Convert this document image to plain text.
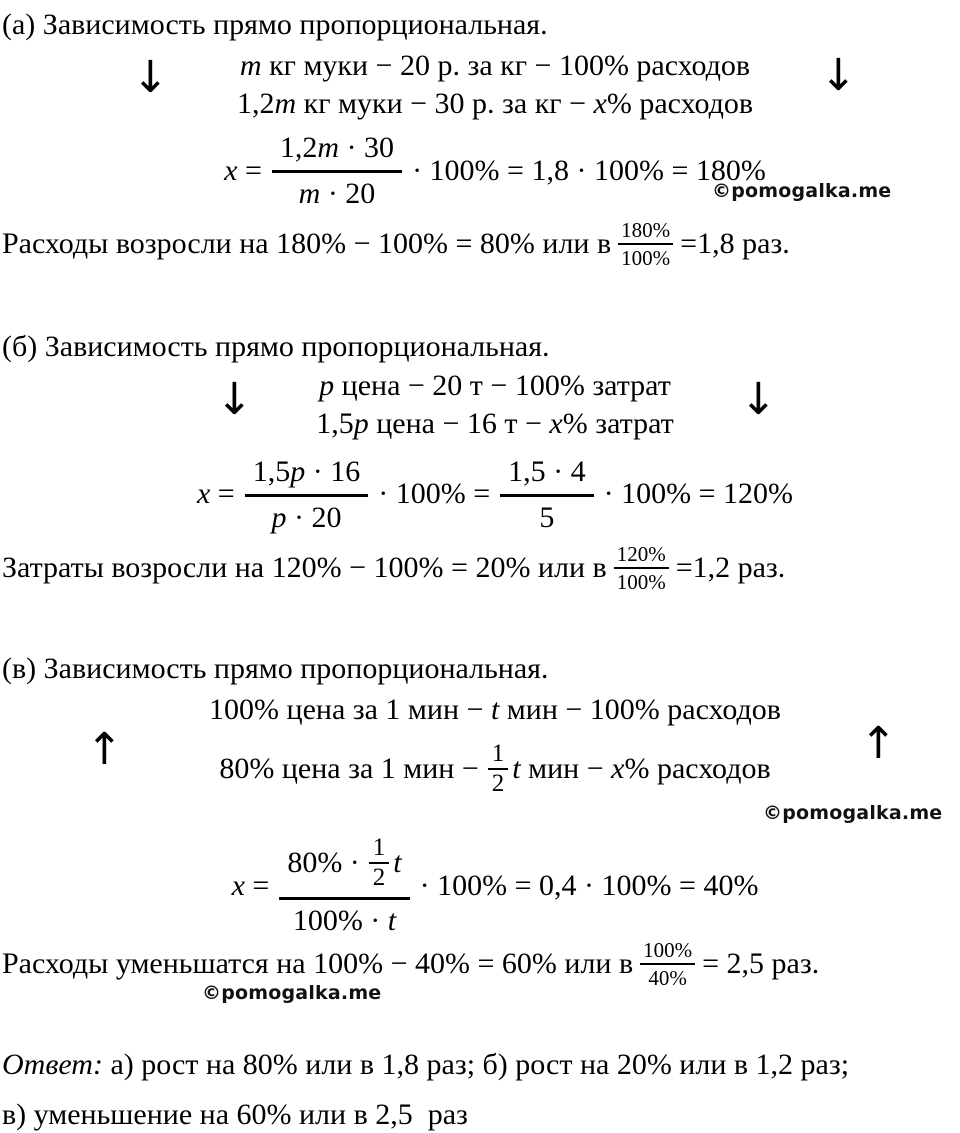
(а) Зависимость прямо пропорциональная.
m кг муки − 20 р. за кг − 100% расходов
1,2m кг муки − 30 р. за кг − x% расходов
↓	↓
$x = \frac{1,2 m \cdot 30}{m \cdot 20} \cdot 100\% = 1,8 \cdot 100\% = 180\%$
©pomogalka.me
Расходы возросли на 180% − 100% = 80% или в $\frac{180\%}{100\%} =1,8$ раз.
(б) Зависимость прямо пропорциональная.
p цена − 20 т − 100% затрат
1,5p цена − 16 т − x% затрат
↓	↓
$x = \frac{1,5 p \cdot 16}{p \cdot 20} \cdot 100\% = \frac{1,5 \cdot 4}{5} \cdot 100\% = 120\%$
Затраты возросли на 120% − 100% = 20% или в $\frac{120\%}{100\%} =1,2$ раз.
(в) Зависимость прямо пропорциональная.
100% цена за 1 мин − t мин − 100% расходов
80% цена за 1 мин − $\frac{1}{2}$ t мин − x% расходов
↑	↑
©pomogalka.me
$x = \frac{80\% \cdot \frac{1}{2} t}{100\% \cdot t} \cdot 100\% = 0,4 \cdot 100\% = 40\%$
Расходы уменьшатся на 100% − 40% = 60% или в $\frac{100\%}{40\%} = 2,5$ раз.
©pomogalka.me
Ответ: а) рост на 80% или в 1,8 раз; б) рост на 20% или в 1,2 раз;
в) уменьшение на 60% или в 2,5  раз
